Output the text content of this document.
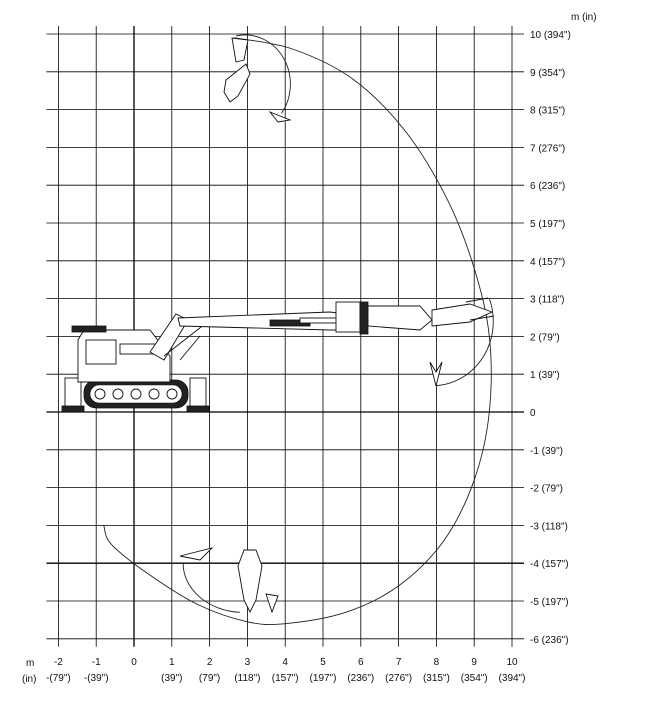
10 (394")
9 (354")
8 (315")
7 (276")
6 (236")
5 (197")
4 (157")
3 (118")
2 (79")
1 (39")
0
-1 (39")
-2 (79")
-3 (118")
-4 (157")
-5 (197")
-6 (236")
-2
-(79")
-1
-(39")
0	1
(39")
2
(79")
3
(118")
4
(157")
5
(197")
6
(236")
7
(276")
8
(315")
9
(354")
10
(394")
m (in)
m
(in)
